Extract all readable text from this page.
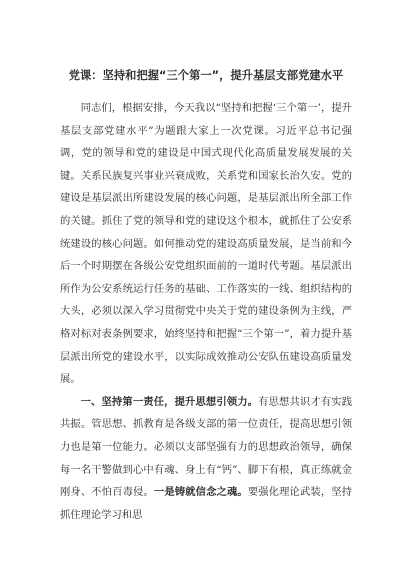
党课：坚持和把握“三个第一”，提升基层支部党建水平

同志们，根据安排，今天我以“坚持和把握‘三个第一’，提升基层支部党建水平”为题跟大家上一次党课。习近平总书记强调，党的领导和党的建设是中国式现代化高质量发展发展的关键。关系民族复兴事业兴衰成败，关系党和国家长治久安。党的建设是基层派出所建设发展的核心问题，是基层派出所全部工作的关键。抓住了党的领导和党的建设这个根本，就抓住了公安系统建设的核心问题。如何推动党的建设高质量发展，是当前和今后一个时期摆在各级公安党组织面前的一道时代考题。基层派出所作为公安系统运行任务的基础、工作落实的一线、组织结构的大头，必须以深入学习贯彻党中央关于党的建设条例为主线，严格对标对表条例要求，始终坚持和把握“三个第一”，着力提升基层派出所党的建设水平，以实际成效推动公安队伍建设高质量发展。

一、坚持第一责任，提升思想引领力。有思想共识才有实践共振。管思想、抓教育是各级支部的第一位责任，提高思想引领力也是第一位能力。必须以支部坚强有力的思想政治领导，确保每一名干警做到心中有魂、身上有“钙”、脚下有根，真正练就金刚身、不怕百毒侵。一是铸就信念之魂。要强化理论武装，坚持抓住理论学习和思
